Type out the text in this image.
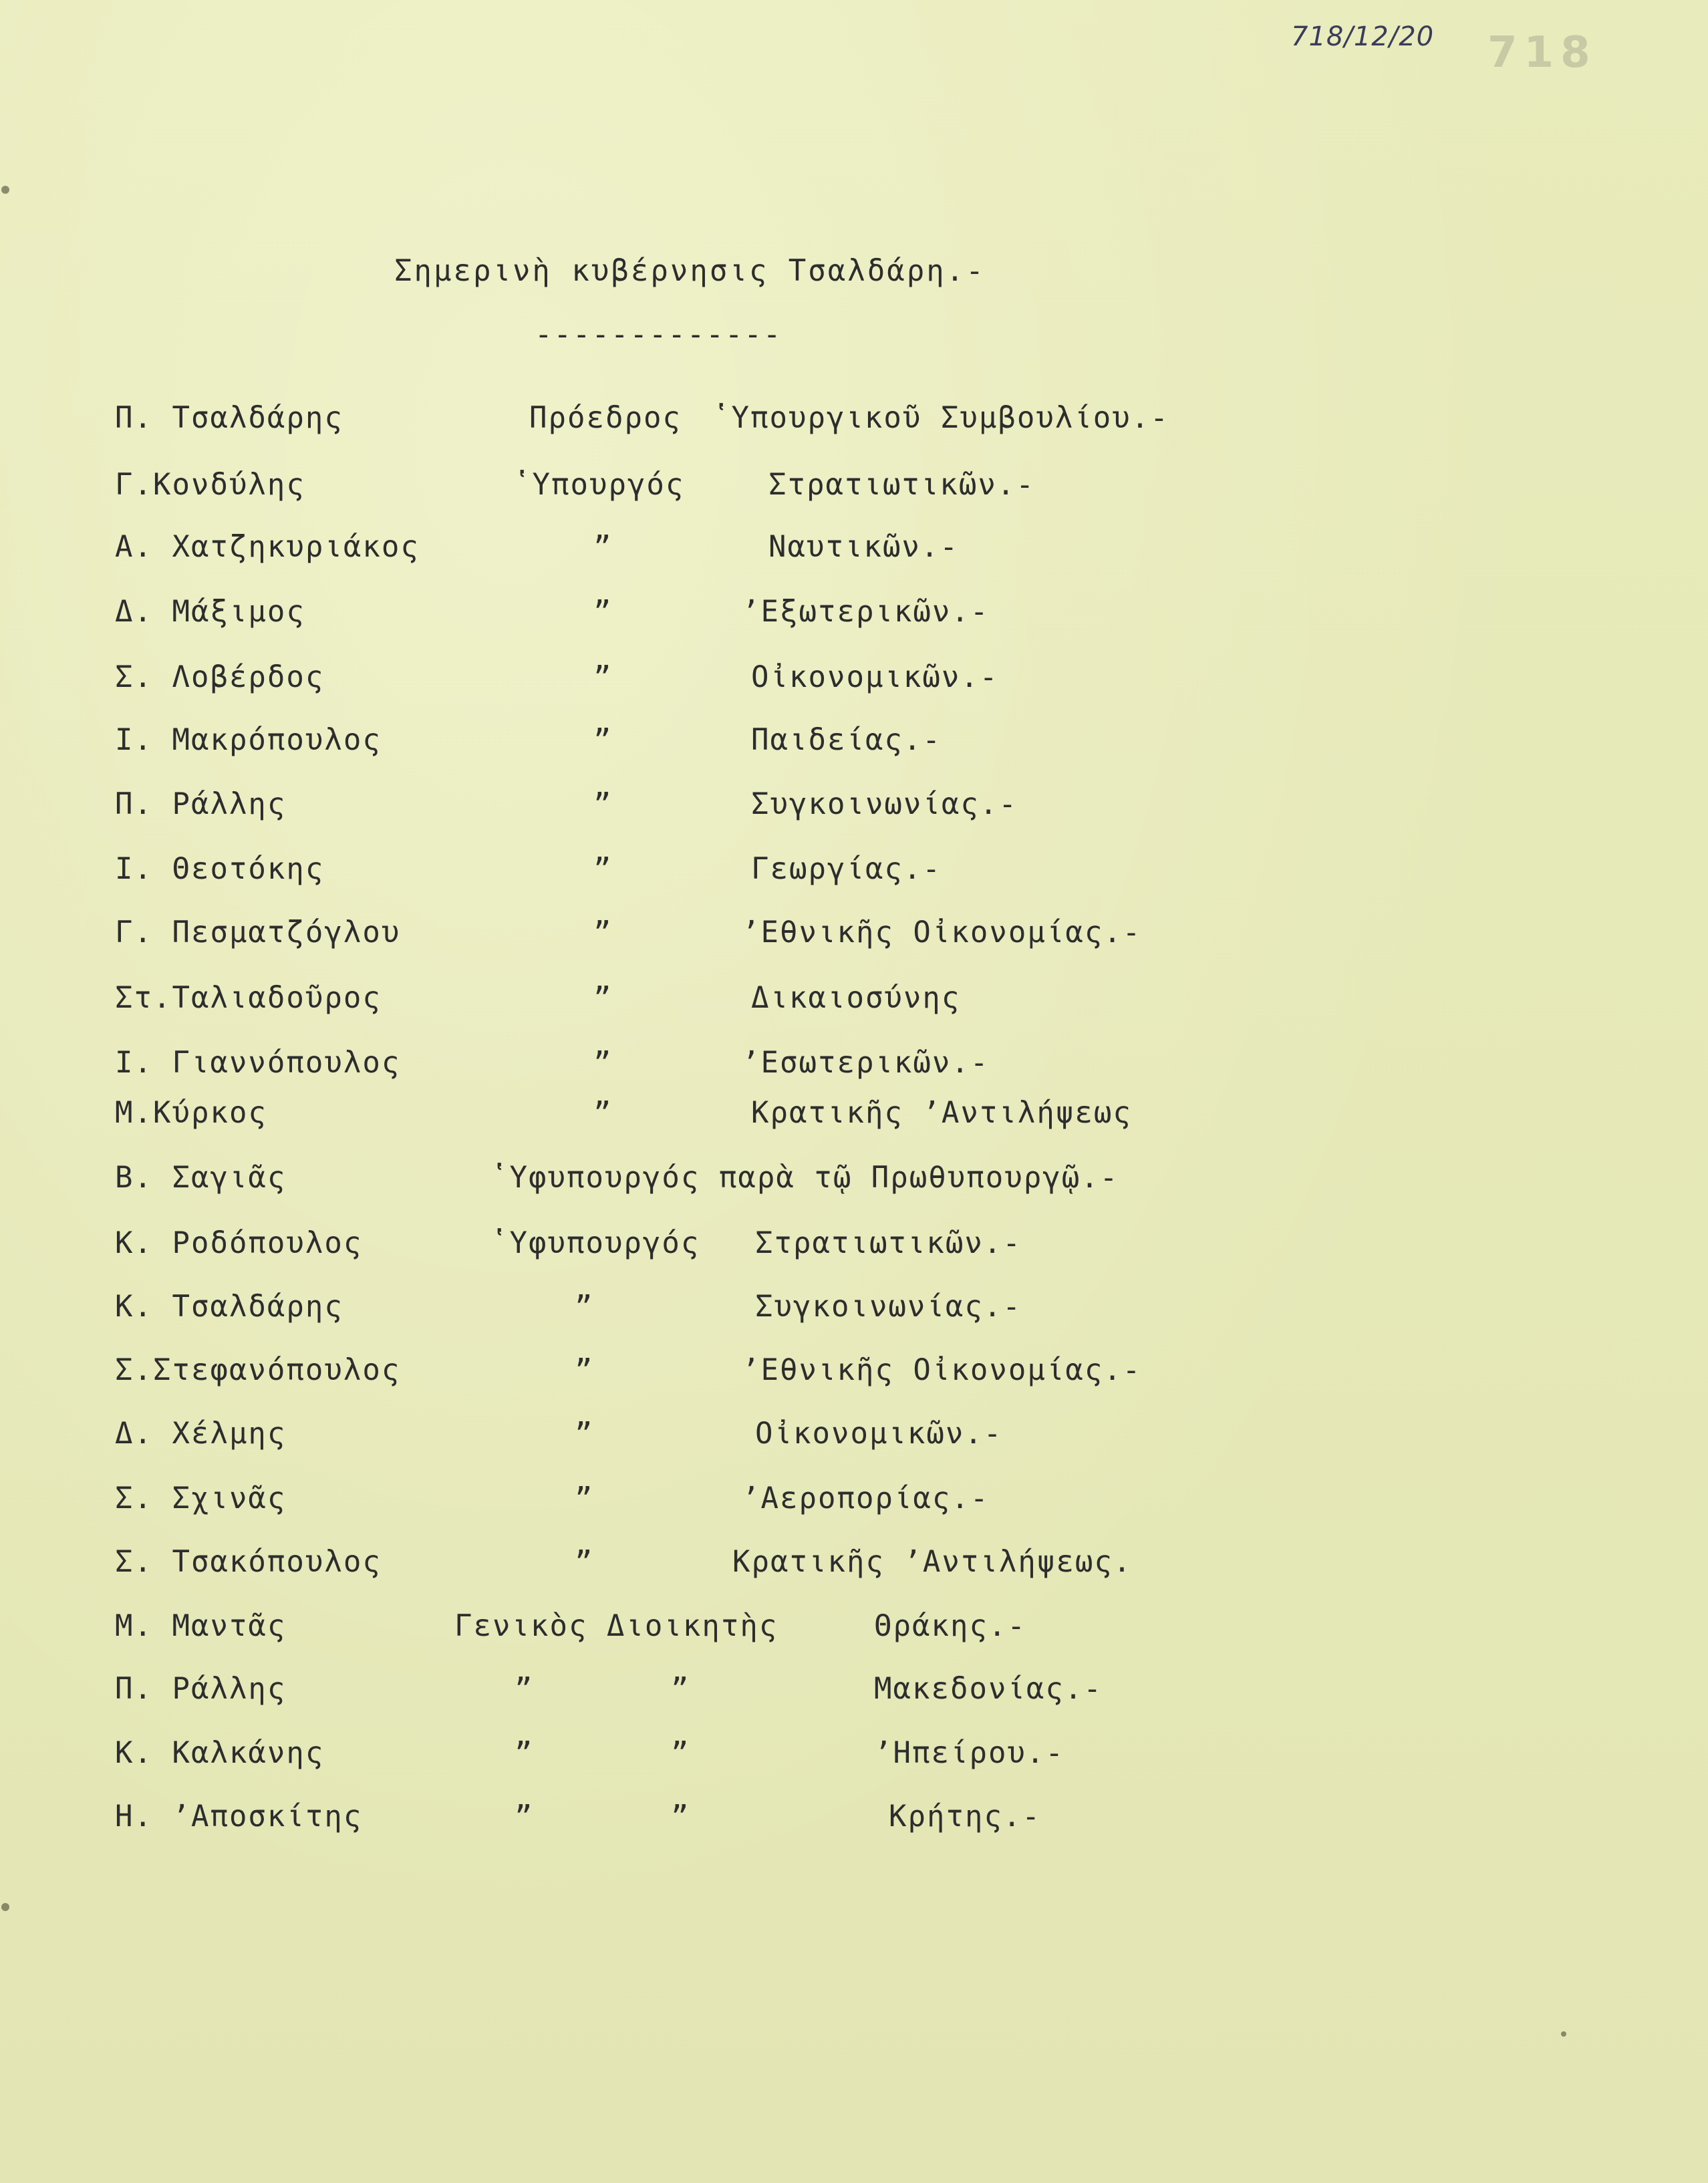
718/12/20 718
Σημερινὴ κυβέρνησις Τσαλδάρη.-
-------------
Π. Τσαλδάρης	Πρόεδρος ʽΥπουργικοῦ Συμβουλίου.-
Γ.Κονδύλης	ʽΥπουργός	Στρατιωτικῶν.-
Α. Χατζηκυριάκος	”	Ναυτικῶν.-
Δ. Μάξιμος	”	ʼΕξωτερικῶν.-
Σ. Λοβέρδος	”	Οἰκονομικῶν.-
Ι. Μακρόπουλος	”	Παιδείας.-
Π. Ράλλης	”	Συγκοινωνίας.-
Ι. Θεοτόκης	”	Γεωργίας.-
Γ. Πεσματζόγλου	”	ʼΕθνικῆς Οἰκονομίας.-
Στ.Ταλιαδοῦρος	”	Δικαιοσύνης
Ι. Γιαννόπουλος	”	ʼΕσωτερικῶν.-
Μ.Κύρκος	”	Κρατικῆς ʼΑντιλήψεως
Β. Σαγιᾶς	ʽΥφυπουργός παρὰ τῷ Πρωθυπουργῷ.-
Κ. Ροδόπουλος	ʽΥφυπουργός Στρατιωτικῶν.-
Κ. Τσαλδάρης	”	Συγκοινωνίας.-
Σ.Στεφανόπουλος	”	ʼΕθνικῆς Οἰκονομίας.-
Δ. Χέλμης	”	Οἰκονομικῶν.-
Σ. Σχινᾶς	”	ʼΑεροπορίας.-
Σ. Τσακόπουλος	”	Κρατικῆς ʼΑντιλήψεως.
Μ. Μαντᾶς	Γενικὸς Διοικητὴς	Θράκης.-
Π. Ράλλης	”	”	Μακεδονίας.-
Κ. Καλκάνης	”	”	ʼΗπείρου.-
Η. ʼΑποσκίτης	”	”	Κρήτης.-
